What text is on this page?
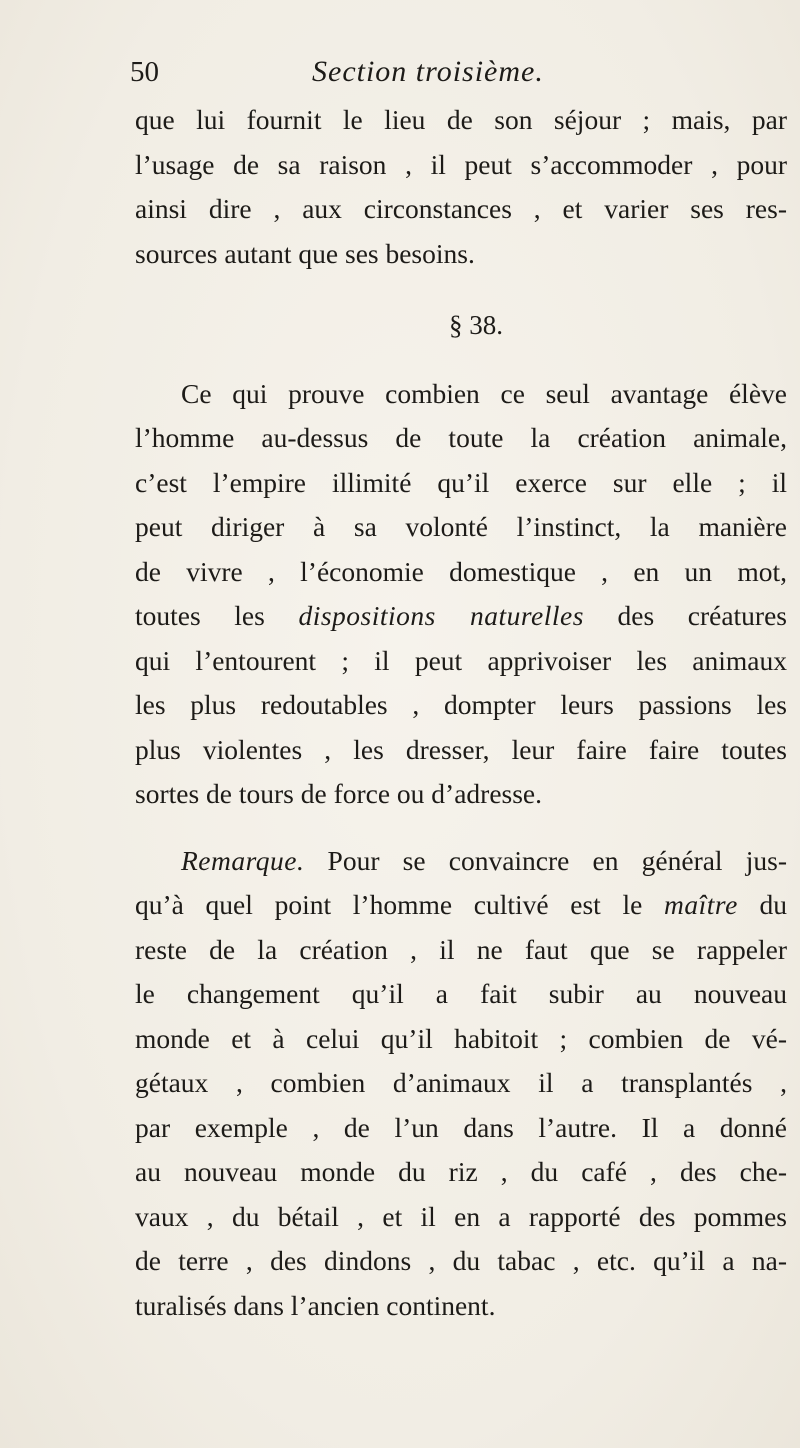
50	Section troisième.
que lui fournit le lieu de son séjour ; mais, par
l’usage de sa raison , il peut s’accommoder , pour
ainsi dire , aux circonstances , et varier ses res-
sources autant que ses besoins.
§ 38.
Ce qui prouve combien ce seul avantage élève
l’homme au-dessus de toute la création animale,
c’est l’empire illimité qu’il exerce sur elle ; il
peut diriger à sa volonté l’instinct, la manière
de vivre , l’économie domestique , en un mot,
toutes les dispositions naturelles des créatures
qui l’entourent ; il peut apprivoiser les animaux
les plus redoutables , dompter leurs passions les
plus violentes , les dresser, leur faire faire toutes
sortes de tours de force ou d’adresse.
Remarque. Pour se convaincre en général jus-
qu’à quel point l’homme cultivé est le maître du
reste de la création , il ne faut que se rappeler
le changement qu’il a fait subir au nouveau
monde et à celui qu’il habitoit ; combien de vé-
gétaux , combien d’animaux il a transplantés ,
par exemple , de l’un dans l’autre. Il a donné
au nouveau monde du riz , du café , des che-
vaux , du bétail , et il en a rapporté des pommes
de terre , des dindons , du tabac , etc. qu’il a na-
turalisés dans l’ancien continent.
